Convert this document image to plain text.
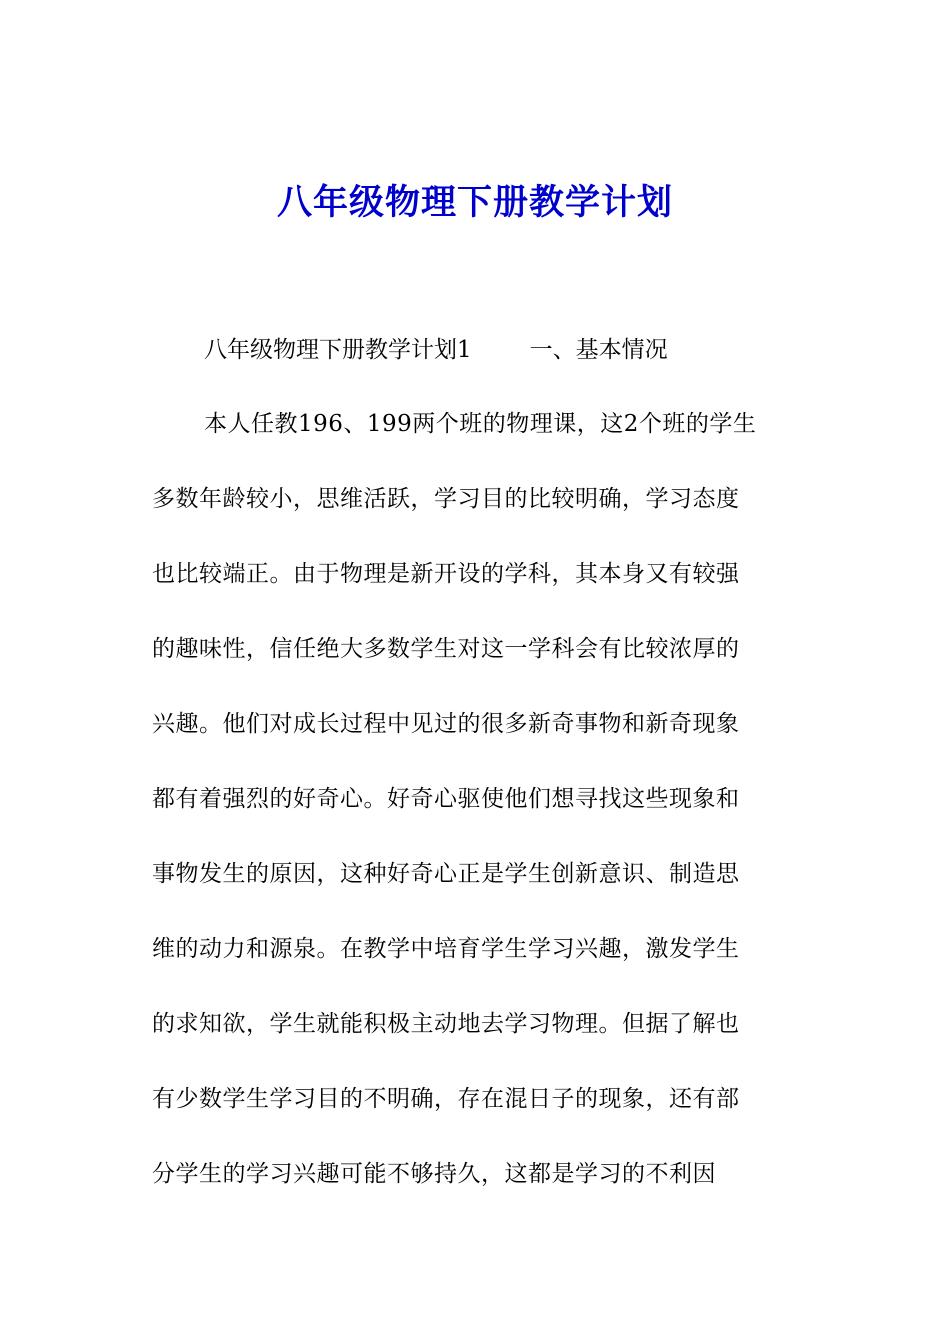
八年级物理下册教学计划
八年级物理下册教学计划1	一、基本情况
本人任教196、199两个班的物理课，这2个班的学生
多数年龄较小，思维活跃，学习目的比较明确，学习态度
也比较端正。由于物理是新开设的学科，其本身又有较强
的趣味性，信任绝大多数学生对这一学科会有比较浓厚的
兴趣。他们对成长过程中见过的很多新奇事物和新奇现象
都有着强烈的好奇心。好奇心驱使他们想寻找这些现象和
事物发生的原因，这种好奇心正是学生创新意识、制造思
维的动力和源泉。在教学中培育学生学习兴趣，激发学生
的求知欲，学生就能积极主动地去学习物理。但据了解也
有少数学生学习目的不明确，存在混日子的现象，还有部
分学生的学习兴趣可能不够持久，这都是学习的不利因
